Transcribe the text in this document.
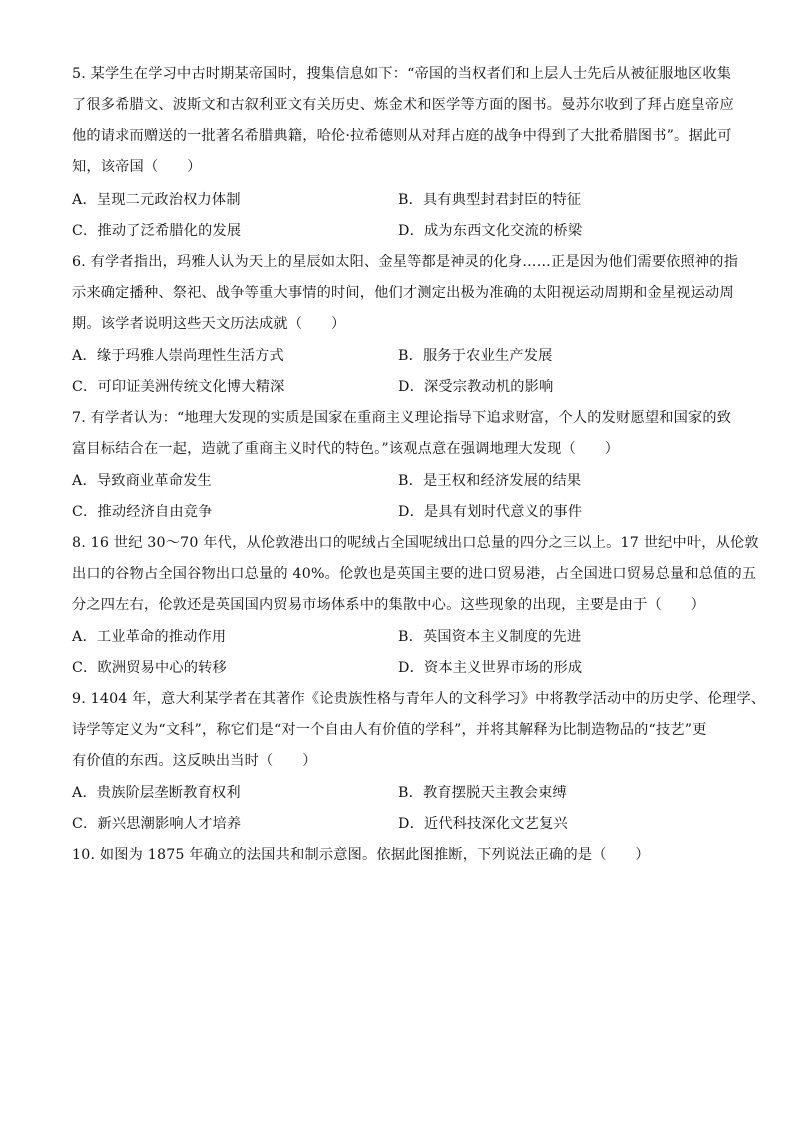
5. 某学生在学习中古时期某帝国时，搜集信息如下：“帝国的当权者们和上层人士先后从被征服地区收集
了很多希腊文、波斯文和古叙利亚文有关历史、炼金术和医学等方面的图书。曼苏尔收到了拜占庭皇帝应
他的请求而赠送的一批著名希腊典籍，哈伦·拉希德则从对拜占庭的战争中得到了大批希腊图书”。据此可
知，该帝国（　　）
A．呈现二元政治权力体制	B．具有典型封君封臣的特征
C．推动了泛希腊化的发展	D．成为东西文化交流的桥梁
6. 有学者指出，玛雅人认为天上的星辰如太阳、金星等都是神灵的化身……正是因为他们需要依照神的指
示来确定播种、祭祀、战争等重大事情的时间，他们才测定出极为准确的太阳视运动周期和金星视运动周
期。该学者说明这些天文历法成就（　　）
A．缘于玛雅人崇尚理性生活方式	B．服务于农业生产发展
C．可印证美洲传统文化博大精深	D．深受宗教动机的影响
7. 有学者认为：“地理大发现的实质是国家在重商主义理论指导下追求财富，个人的发财愿望和国家的致
富目标结合在一起，造就了重商主义时代的特色。”该观点意在强调地理大发现（　　）
A．导致商业革命发生	B．是王权和经济发展的结果
C．推动经济自由竞争	D．是具有划时代意义的事件
8. 16 世纪 30～70 年代，从伦敦港出口的呢绒占全国呢绒出口总量的四分之三以上。17 世纪中叶，从伦敦
出口的谷物占全国谷物出口总量的 40%。伦敦也是英国主要的进口贸易港，占全国进口贸易总量和总值的五
分之四左右，伦敦还是英国国内贸易市场体系中的集散中心。这些现象的出现，主要是由于（　　）
A．工业革命的推动作用	B．英国资本主义制度的先进
C．欧洲贸易中心的转移	D．资本主义世界市场的形成
9. 1404 年，意大利某学者在其著作《论贵族性格与青年人的文科学习》中将教学活动中的历史学、伦理学、
诗学等定义为“文科”，称它们是“对一个自由人有价值的学科”，并将其解释为比制造物品的“技艺”更
有价值的东西。这反映出当时（　　）
A．贵族阶层垄断教育权利	B．教育摆脱天主教会束缚
C．新兴思潮影响人才培养	D．近代科技深化文艺复兴
10. 如图为 1875 年确立的法国共和制示意图。依据此图推断，下列说法正确的是（　　）
